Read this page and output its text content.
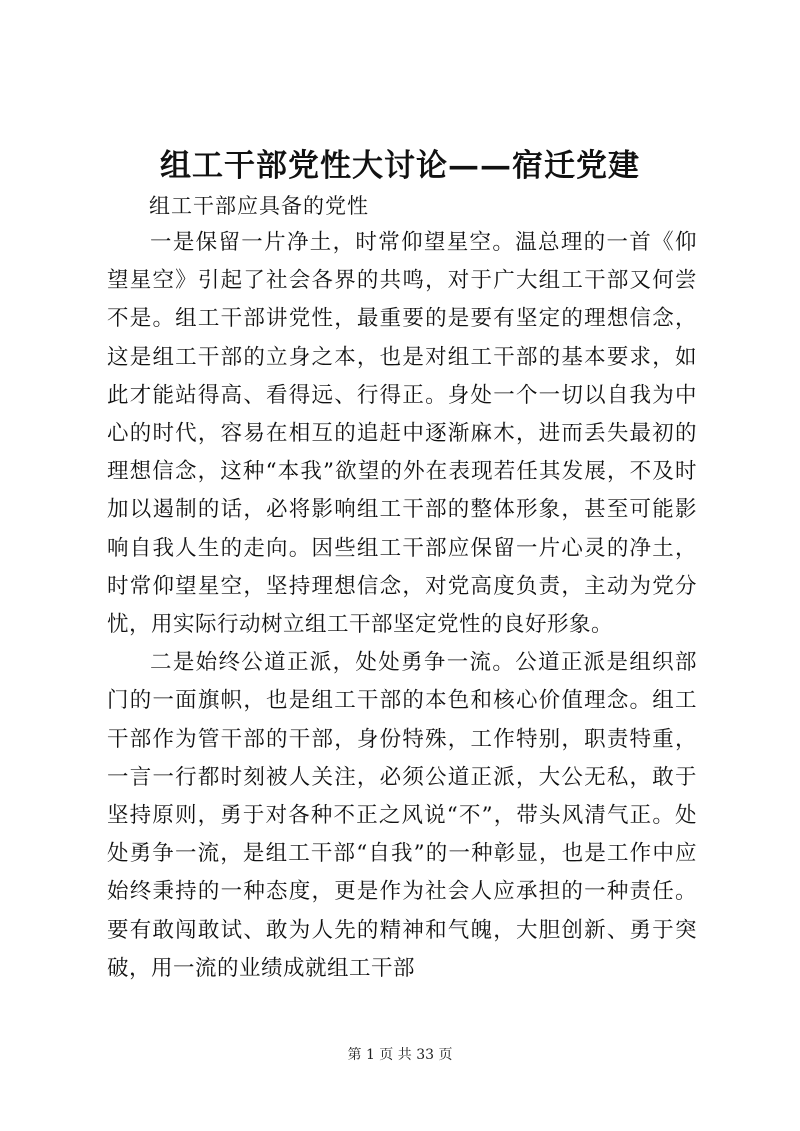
组工干部党性大讨论——宿迁党建

组工干部应具备的党性

一是保留一片净土，时常仰望星空。温总理的一首《仰望星空》引起了社会各界的共鸣，对于广大组工干部又何尝不是。组工干部讲党性，最重要的是要有坚定的理想信念，这是组工干部的立身之本，也是对组工干部的基本要求，如此才能站得高、看得远、行得正。身处一个一切以自我为中心的时代，容易在相互的追赶中逐渐麻木，进而丢失最初的理想信念，这种“本我”欲望的外在表现若任其发展，不及时加以遏制的话，必将影响组工干部的整体形象，甚至可能影响自我人生的走向。因些组工干部应保留一片心灵的净土，时常仰望星空，坚持理想信念，对党高度负责，主动为党分忧，用实际行动树立组工干部坚定党性的良好形象。

二是始终公道正派，处处勇争一流。公道正派是组织部门的一面旗帜，也是组工干部的本色和核心价值理念。组工干部作为管干部的干部，身份特殊，工作特别，职责特重，一言一行都时刻被人关注，必须公道正派，大公无私，敢于坚持原则，勇于对各种不正之风说“不”，带头风清气正。处处勇争一流，是组工干部“自我”的一种彰显，也是工作中应始终秉持的一种态度，更是作为社会人应承担的一种责任。要有敢闯敢试、敢为人先的精神和气魄，大胆创新、勇于突破，用一流的业绩成就组工干部

第 1 页 共 33 页
